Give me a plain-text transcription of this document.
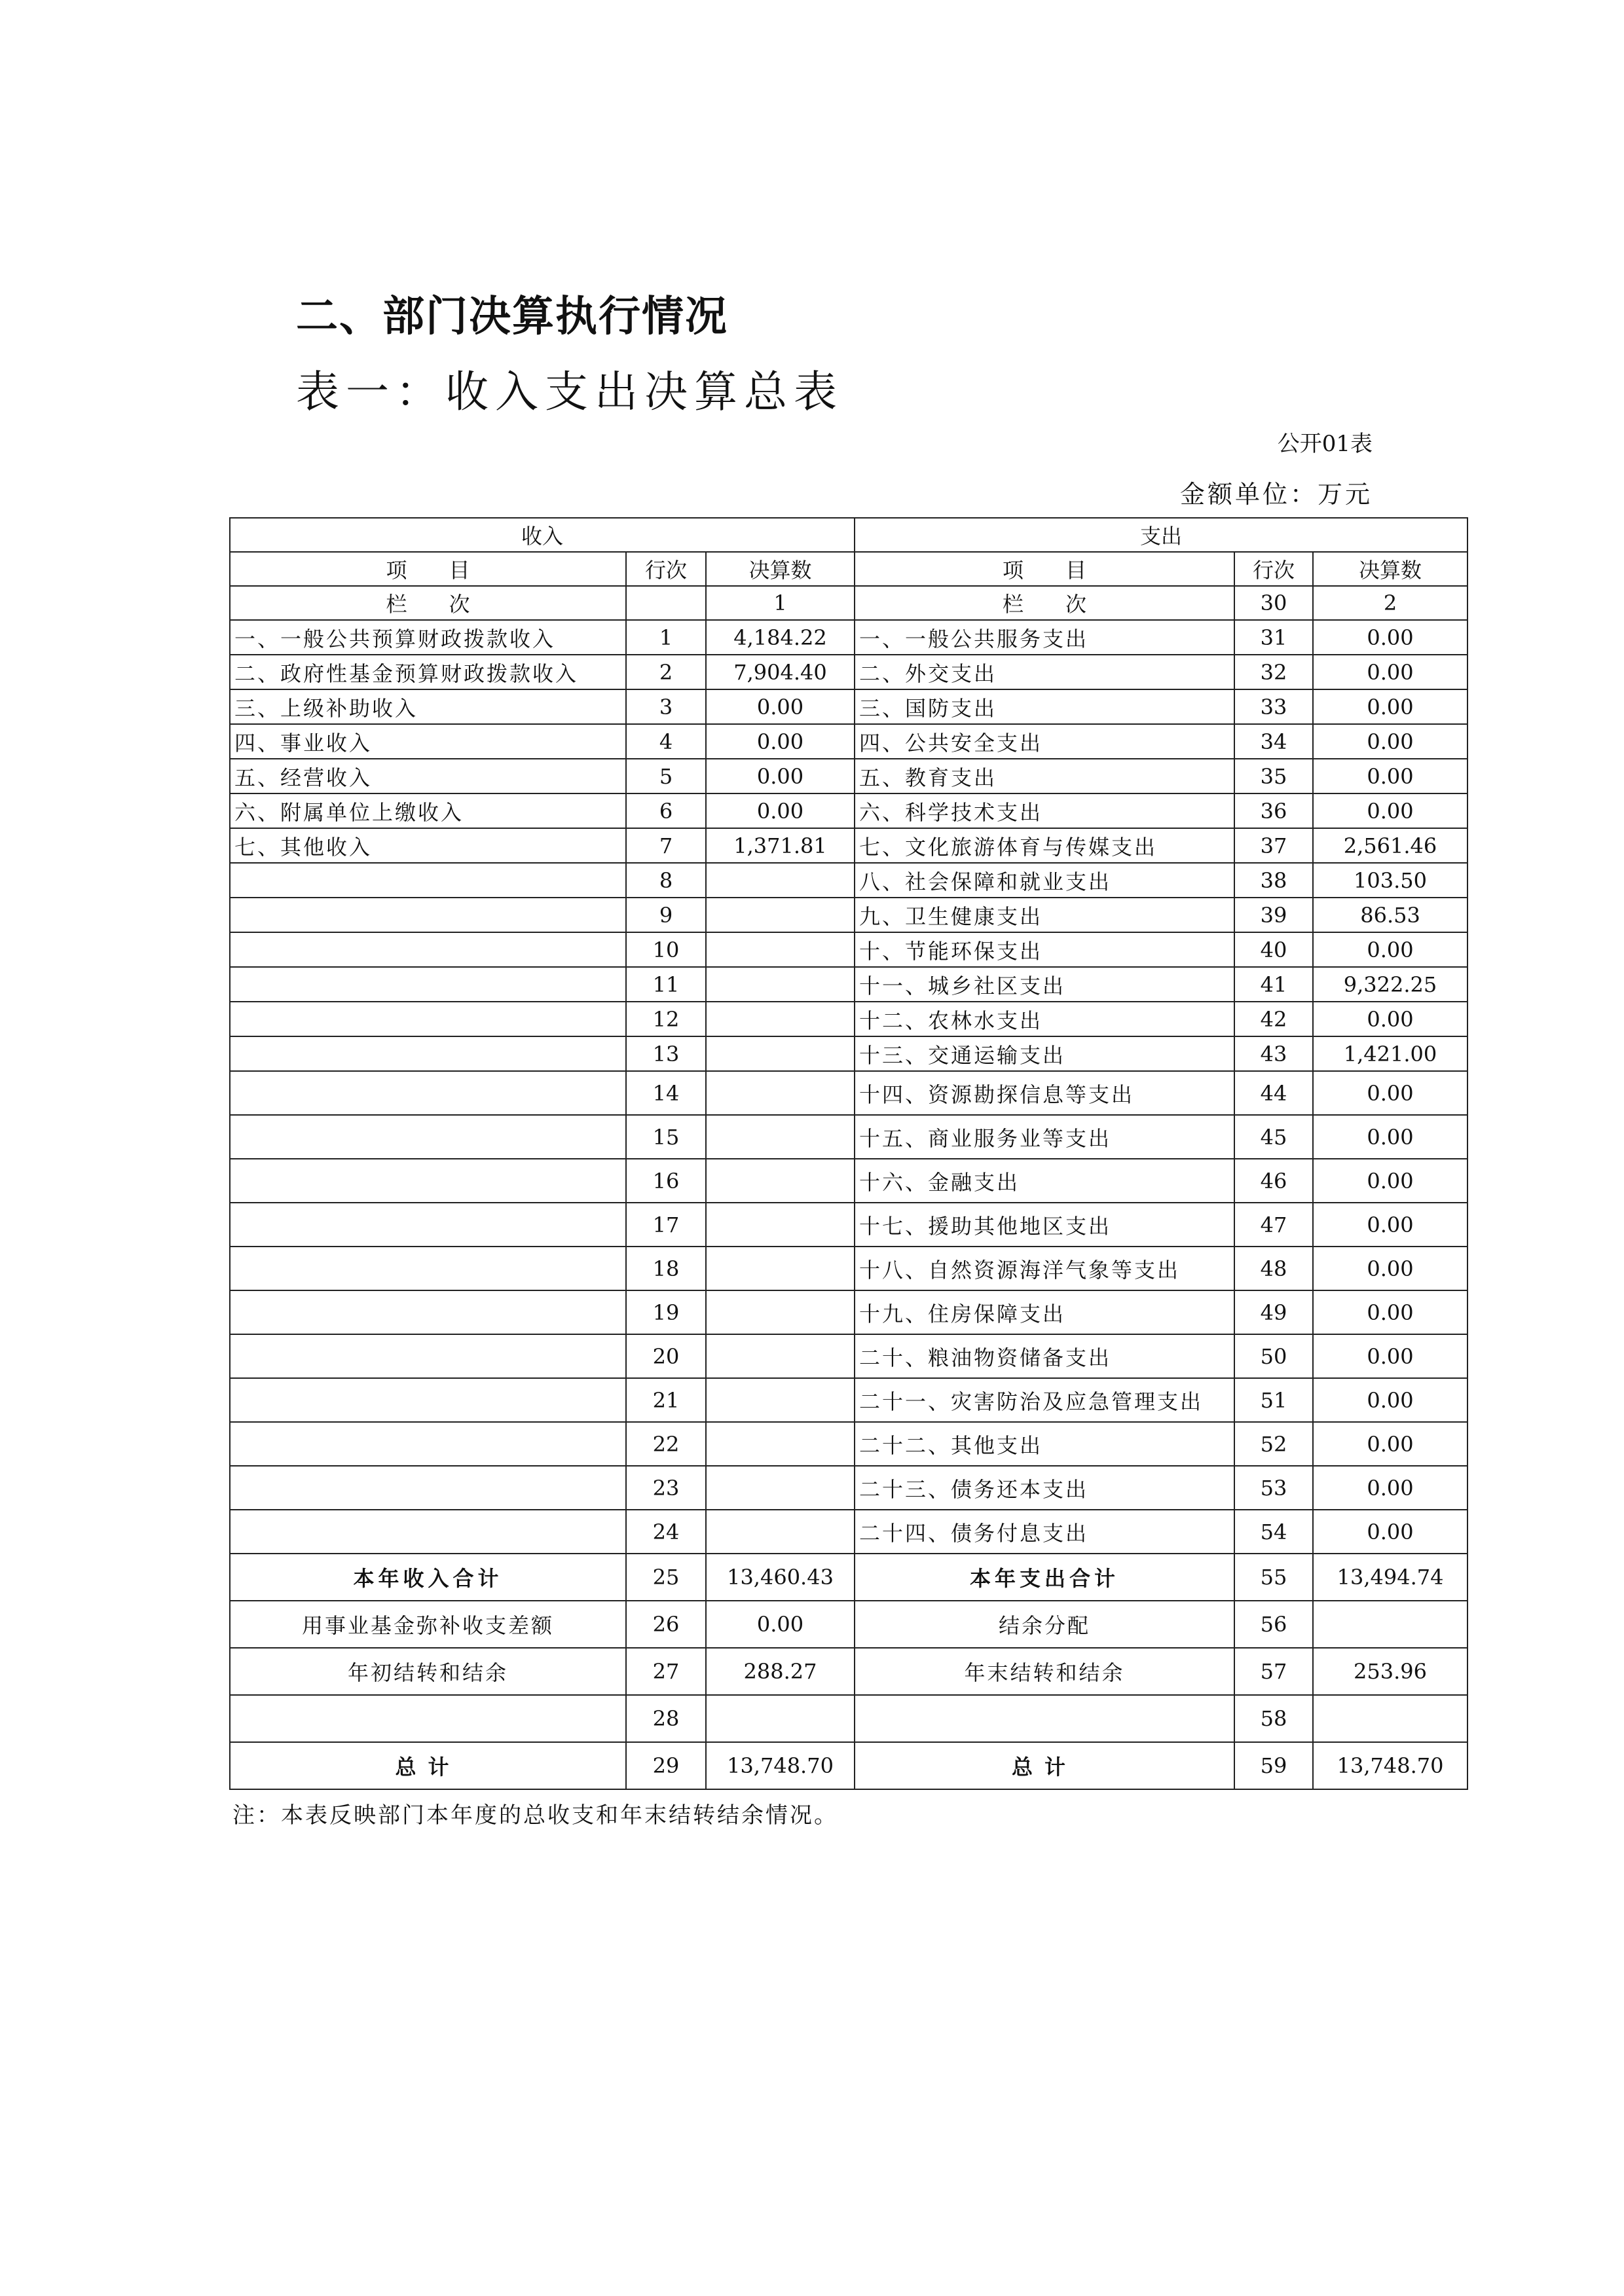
二、部门决算执行情况
表一：收入支出决算总表
公开01表
金额单位：万元
收入			支出		
项　　目	行次	决算数	项　　目	行次	决算数
栏　　次		1	栏　　次	30	2
一、一般公共预算财政拨款收入	1	4,184.22	一、一般公共服务支出	31	0.00
二、政府性基金预算财政拨款收入	2	7,904.40	二、外交支出	32	0.00
三、上级补助收入	3	0.00	三、国防支出	33	0.00
四、事业收入	4	0.00	四、公共安全支出	34	0.00
五、经营收入	5	0.00	五、教育支出	35	0.00
六、附属单位上缴收入	6	0.00	六、科学技术支出	36	0.00
七、其他收入	7	1,371.81	七、文化旅游体育与传媒支出	37	2,561.46
	8		八、社会保障和就业支出	38	103.50
	9		九、卫生健康支出	39	86.53
	10		十、节能环保支出	40	0.00
	11		十一、城乡社区支出	41	9,322.25
	12		十二、农林水支出	42	0.00
	13		十三、交通运输支出	43	1,421.00
	14		十四、资源勘探信息等支出	44	0.00
	15		十五、商业服务业等支出	45	0.00
	16		十六、金融支出	46	0.00
	17		十七、援助其他地区支出	47	0.00
	18		十八、自然资源海洋气象等支出	48	0.00
	19		十九、住房保障支出	49	0.00
	20		二十、粮油物资储备支出	50	0.00
	21		二十一、灾害防治及应急管理支出	51	0.00
	22		二十二、其他支出	52	0.00
	23		二十三、债务还本支出	53	0.00
	24		二十四、债务付息支出	54	0.00
本年收入合计	25	13,460.43	本年支出合计	55	13,494.74
用事业基金弥补收支差额	26	0.00	结余分配	56	
年初结转和结余	27	288.27	年末结转和结余	57	253.96
	28			58	
总计	29	13,748.70	总计	59	13,748.70
注：本表反映部门本年度的总收支和年末结转结余情况。
